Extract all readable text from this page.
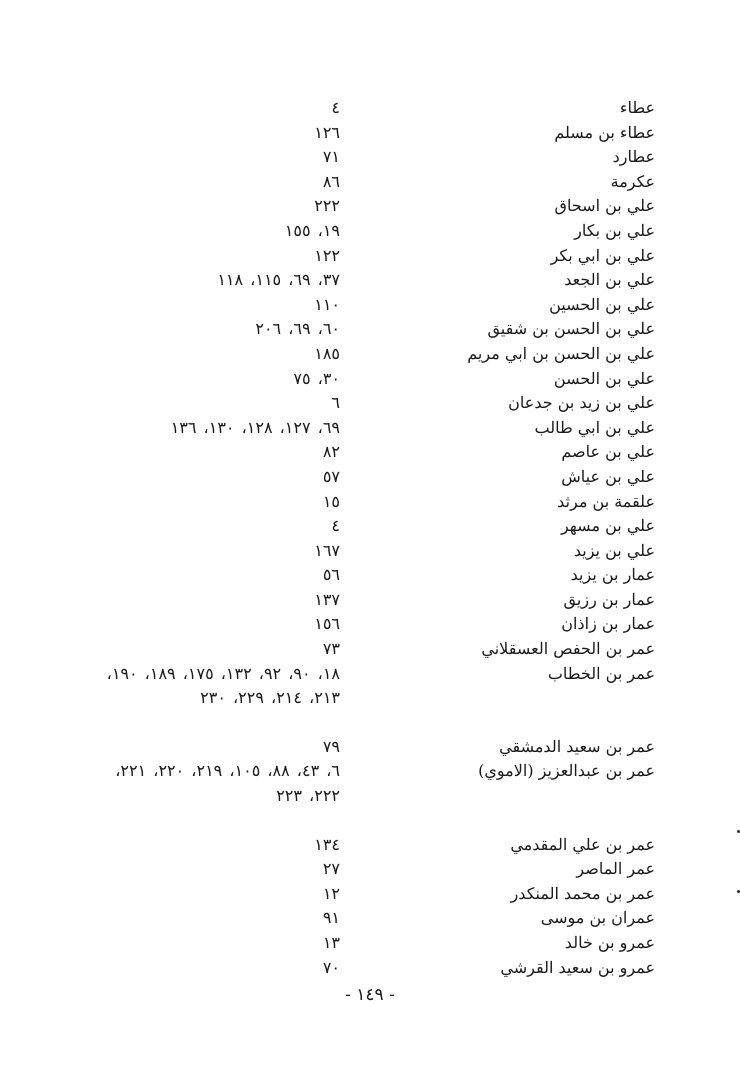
عطاء
٤
عطاء بن مسلم
١٢٦
عطارد
٧١
عكرمة
٨٦
علي بن اسحاق
٢٢٢
علي بن بكار
١٩، ١٥٥
علي بن ابي بكر
١٢٢
علي بن الجعد
٣٧، ٦٩، ١١٥، ١١٨
علي بن الحسين
١١٠
علي بن الحسن بن شقيق
٦٠، ٦٩، ٢٠٦
علي بن الحسن بن ابي مريم
١٨٥
علي بن الحسن
٣٠، ٧٥
علي بن زيد بن جدعان
٦
علي بن ابي طالب
٦٩، ١٢٧، ١٢٨، ١٣٠، ١٣٦
علي بن عاصم
٨٢
علي بن عياش
٥٧
علقمة بن مرثد
١٥
علي بن مسهر
٤
علي بن يزيد
١٦٧
عمار بن يزيد
٥٦
عمار بن رزيق
١٣٧
عمار بن زاذان
١٥٦
عمر بن الحفص العسقلاني
٧٣
عمر بن الخطاب
١٨، ٩٠، ٩٢، ١٣٢، ١٧٥، ١٨٩، ١٩٠،
٢١٣، ٢١٤، ٢٢٩، ٢٣٠
عمر بن سعيد الدمشقي
٧٩
عمر بن عبدالعزيز (الاموي)
٦، ٤٣، ٨٨، ١٠٥، ٢١٩، ٢٢٠، ٢٢١،
٢٢٢، ٢٢٣
عمر بن علي المقدمي
١٣٤
عمر الماصر
٢٧
عمر بن محمد المنكدر
١٢
عمران بن موسى
٩١
عمرو بن خالد
١٣
عمرو بن سعيد القرشي
٧٠
- ١٤٩ -
